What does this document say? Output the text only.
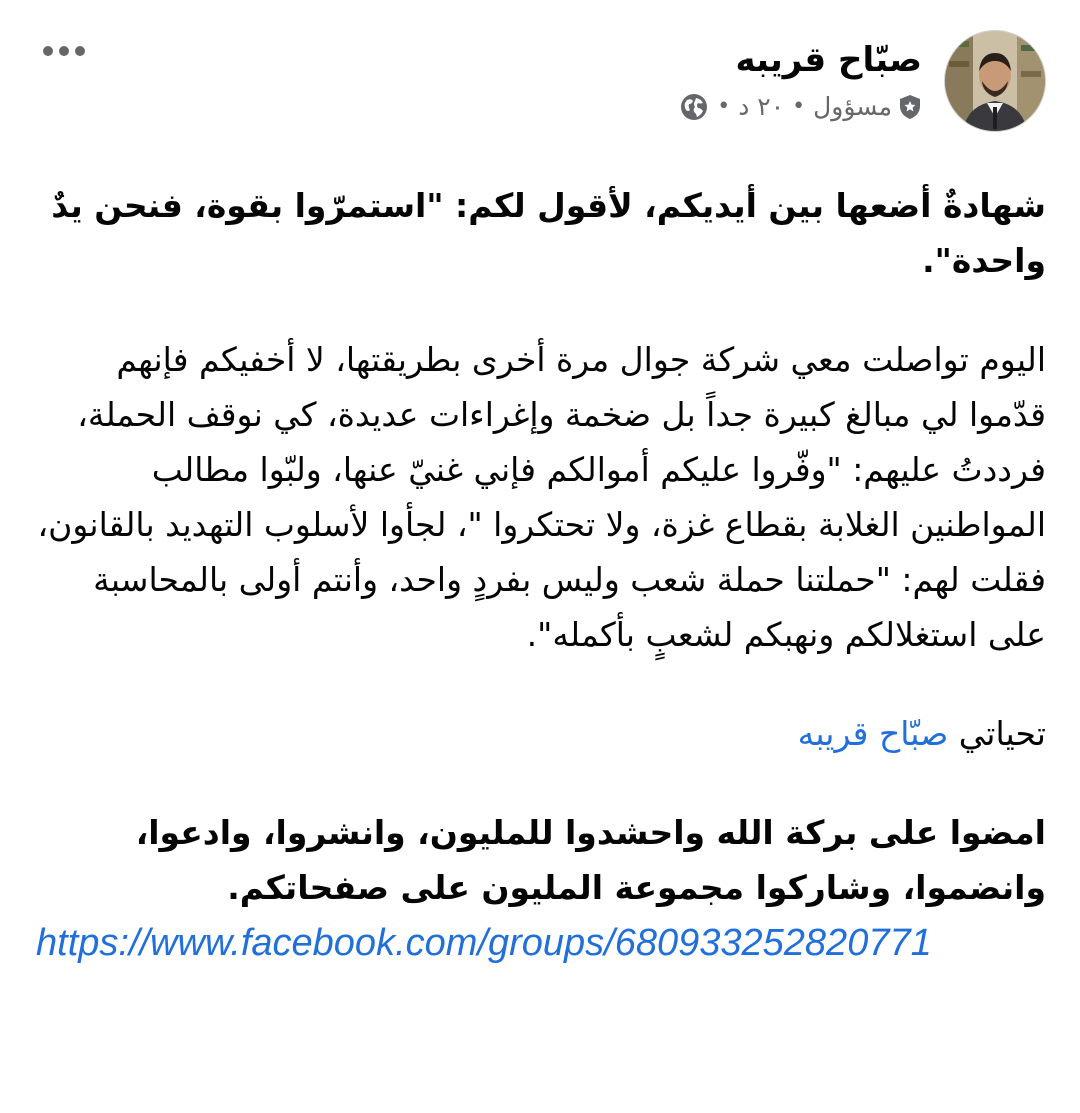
صبّاح قريبه
مسؤول
•
٢٠ د
•

شهادةٌ أضعها بين أيديكم، لأقول لكم: "استمرّوا بقوة، فنحن يدٌ واحدة".

اليوم تواصلت معي شركة جوال مرة أخرى بطريقتها، لا أخفيكم فإنهم قدّموا لي مبالغ كبيرة جداً بل ضخمة وإغراءات عديدة، كي نوقف الحملة، فرددتُ عليهم: "وفّروا عليكم أموالكم فإني غنيّ عنها، ولبّوا مطالب المواطنين الغلابة بقطاع غزة، ولا تحتكروا "، لجأوا لأسلوب التهديد بالقانون، فقلت لهم: "حملتنا حملة شعب وليس بفردٍ واحد، وأنتم أولى بالمحاسبة على استغلالكم ونهبكم لشعبٍ بأكمله".

تحياتي صبّاح قريبه

امضوا على بركة الله واحشدوا للمليون، وانشروا، وادعوا، وانضموا، وشاركوا مجموعة المليون على صفحاتكم.

https://www.facebook.com/groups/680933252820771
